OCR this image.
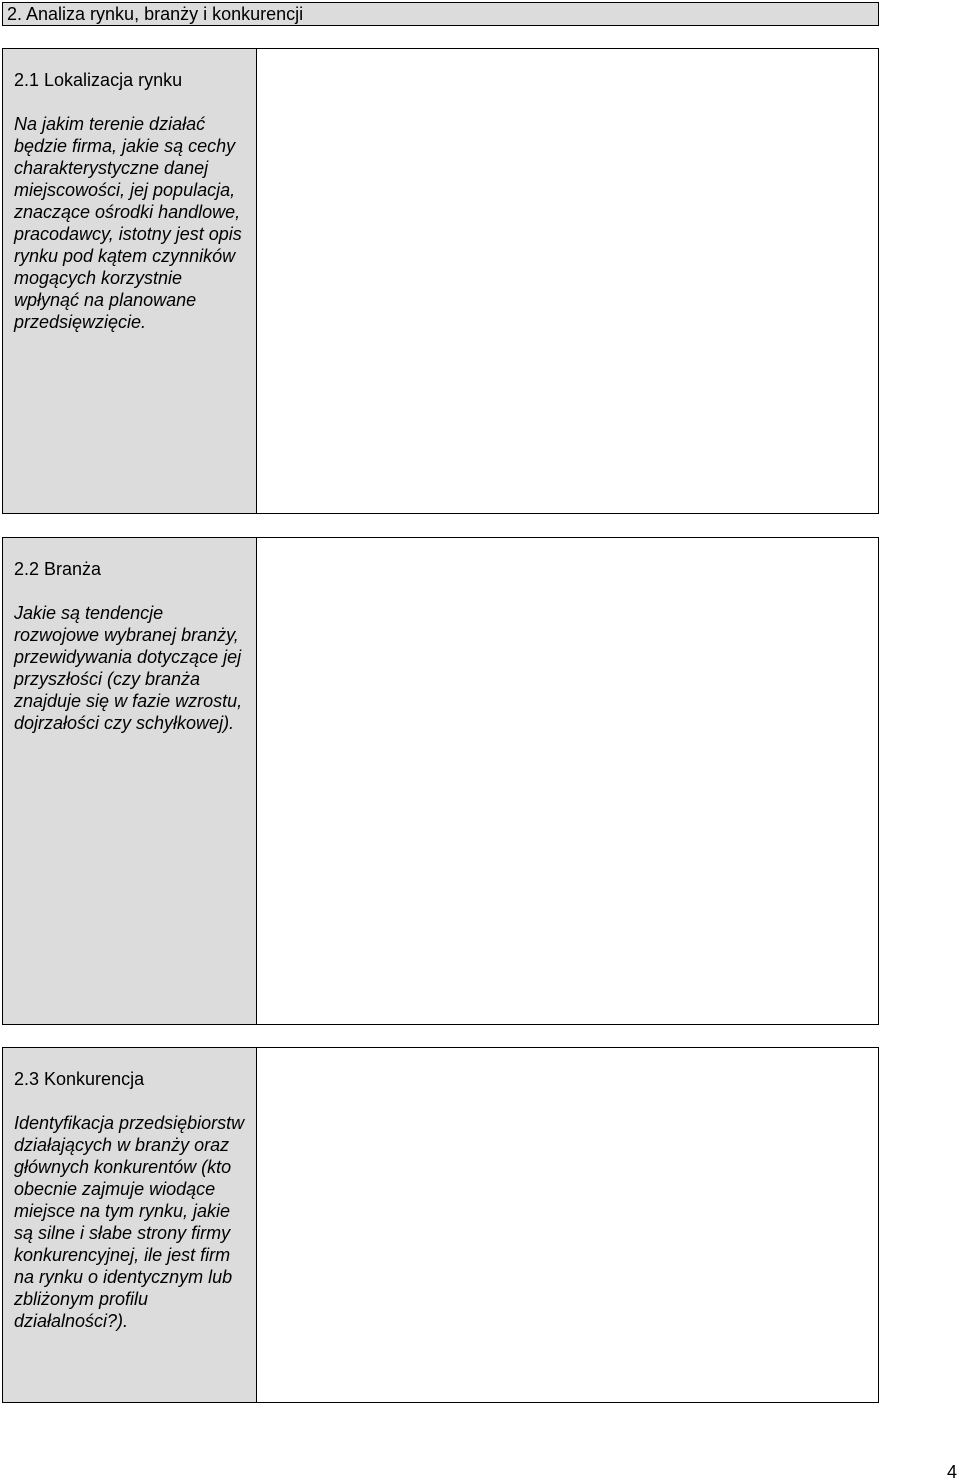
2. Analiza rynku, branży i konkurencji
2.1 Lokalizacja rynku
Na jakim terenie działać będzie firma, jakie są cechy charakterystyczne danej miejscowości, jej populacja, znaczące ośrodki handlowe, pracodawcy, istotny jest opis rynku pod kątem czynników mogących korzystnie wpłynąć na planowane przedsięwzięcie.
2.2 Branża
Jakie są tendencje rozwojowe wybranej branży, przewidywania dotyczące jej przyszłości (czy branża znajduje się w fazie wzrostu, dojrzałości czy schyłkowej).
2.3 Konkurencja
Identyfikacja przedsiębiorstw działających w branży oraz głównych konkurentów (kto obecnie zajmuje wiodące miejsce na tym rynku, jakie są silne i słabe strony firmy konkurencyjnej, ile jest firm na rynku o identycznym lub zbliżonym profilu działalności?).
4
